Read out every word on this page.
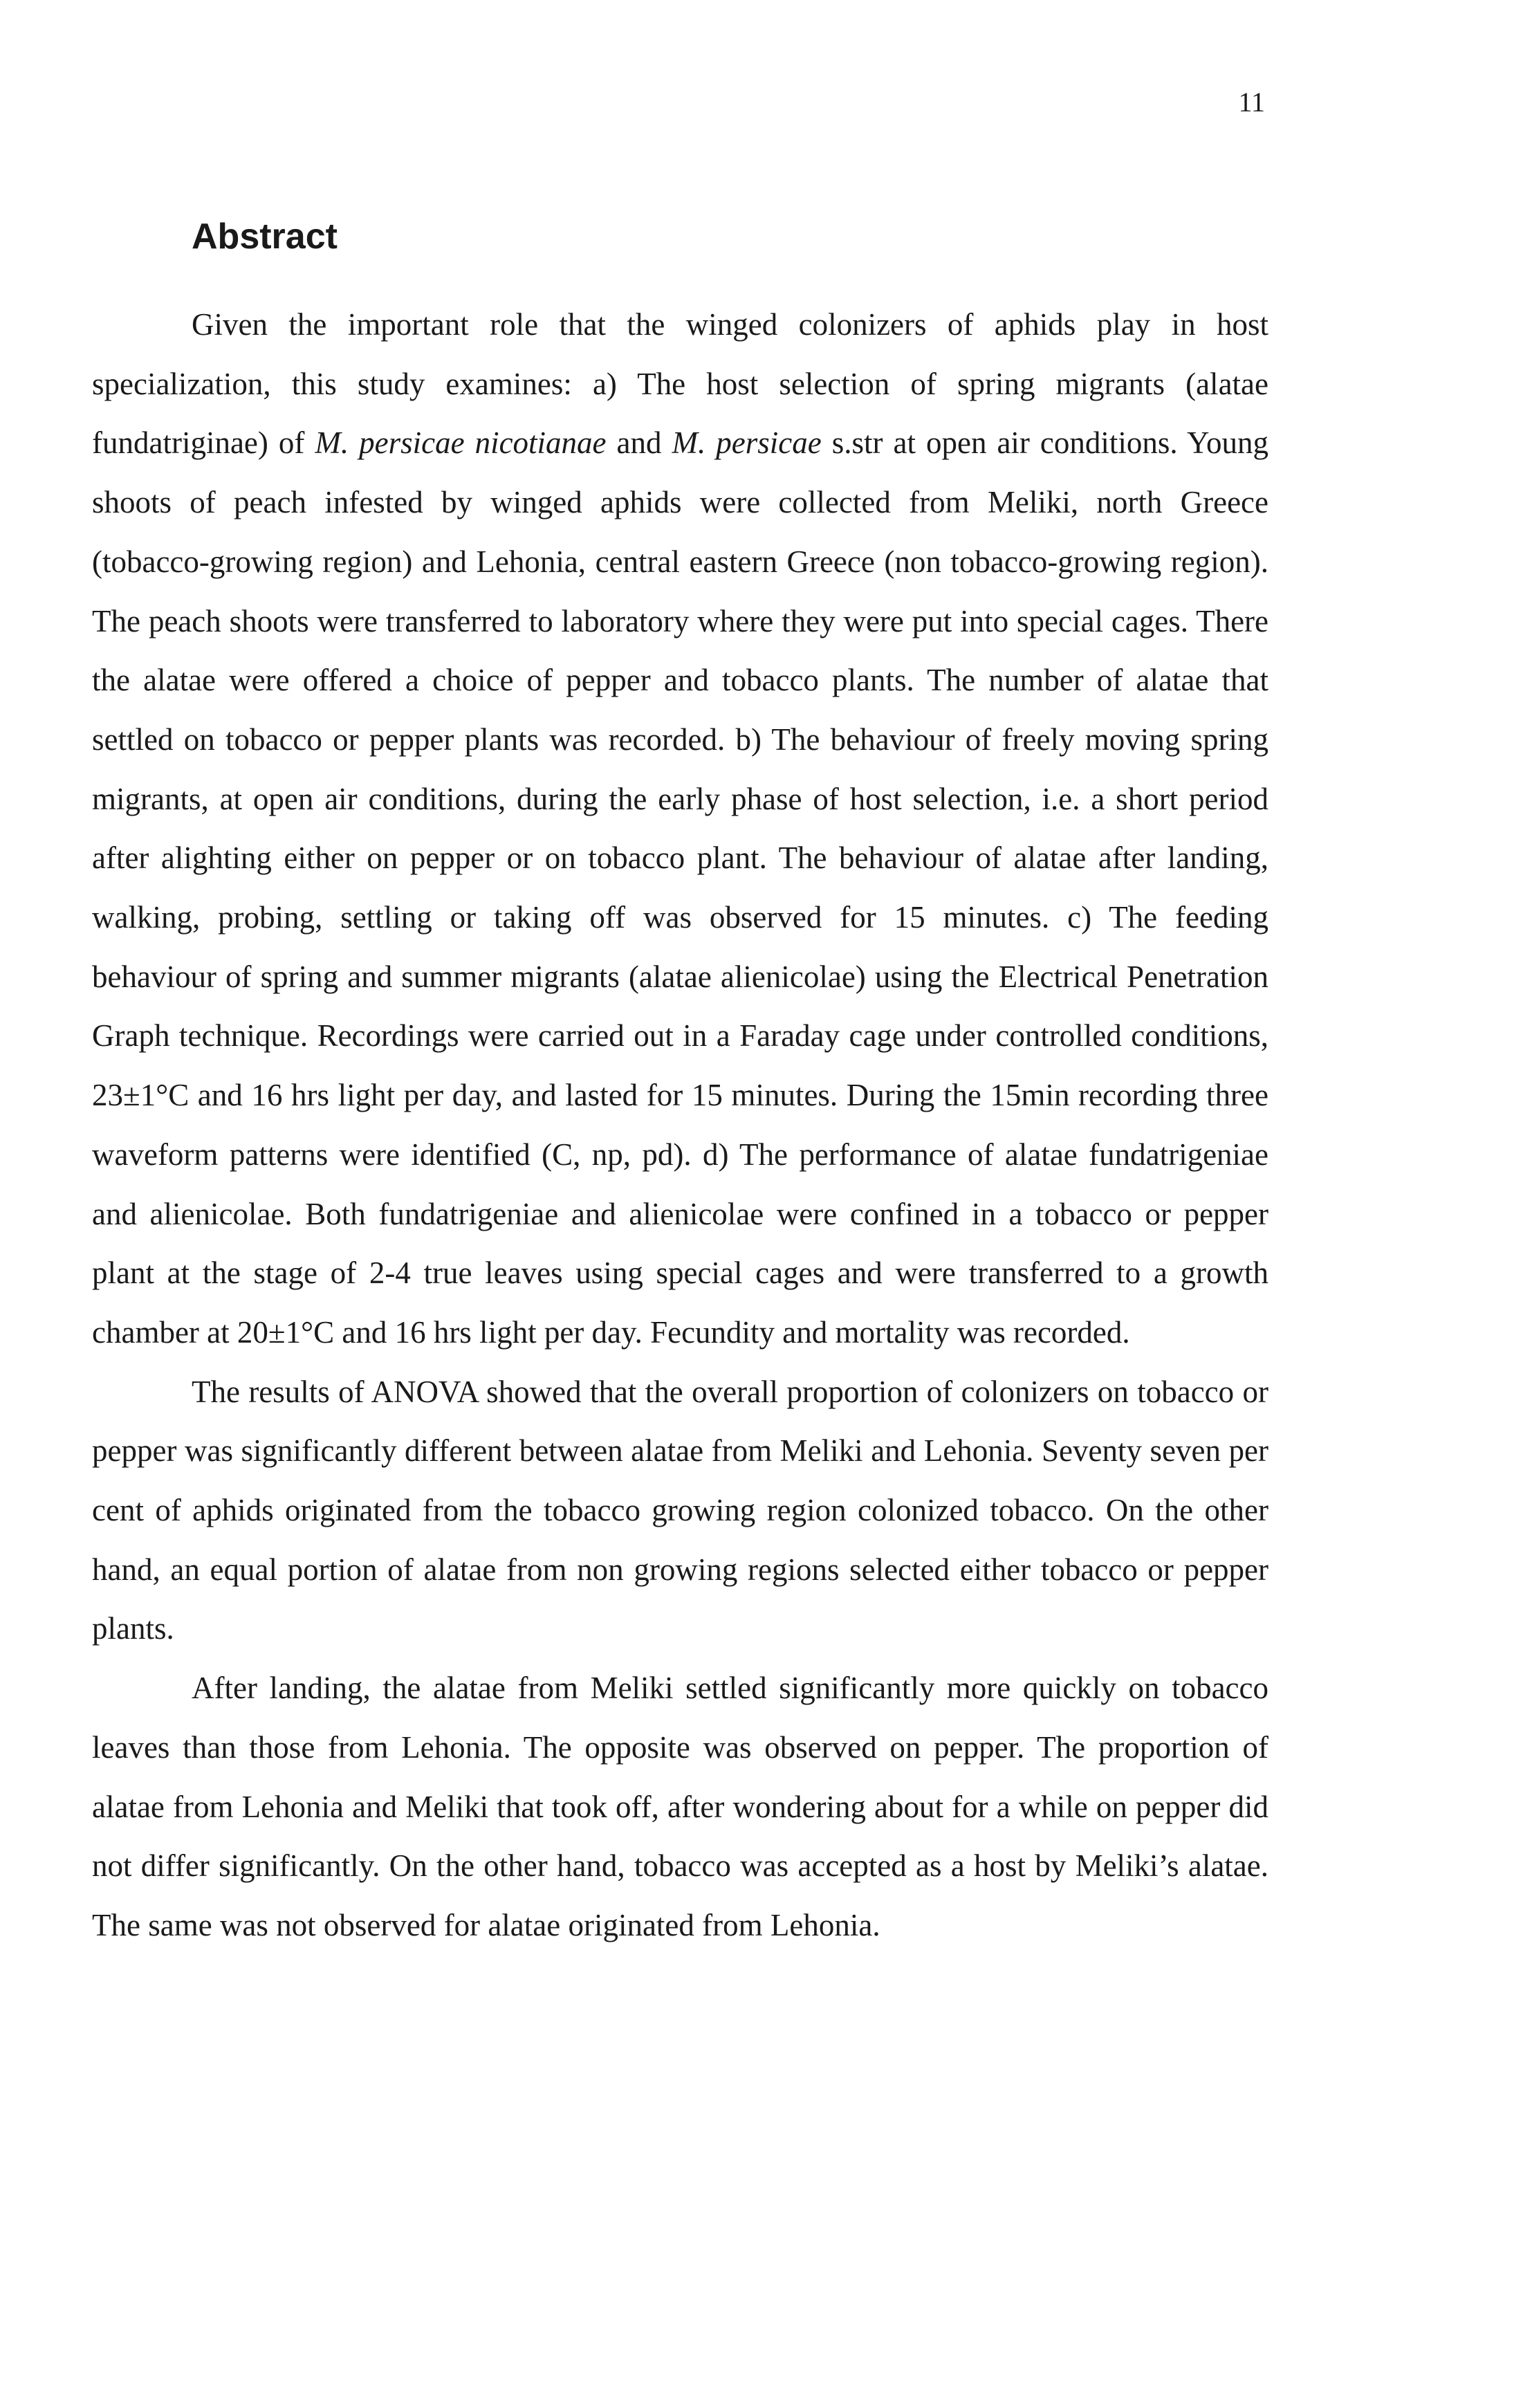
11
Abstract

Given the important role that the winged colonizers of aphids play in host specialization, this study examines: a) The host selection of spring migrants (alatae fundatriginae) of M. persicae nicotianae and M. persicae s.str at open air conditions. Young shoots of peach infested by winged aphids were collected from Meliki, north Greece (tobacco-growing region) and Lehonia, central eastern Greece (non tobacco-growing region). The peach shoots were transferred to laboratory where they were put into special cages. There the alatae were offered a choice of pepper and tobacco plants. The number of alatae that settled on tobacco or pepper plants was recorded. b) The behaviour of freely moving spring migrants, at open air conditions, during the early phase of host selection, i.e. a short period after alighting either on pepper or on tobacco plant. The behaviour of alatae after landing, walking, probing, settling or taking off was observed for 15 minutes. c) The feeding behaviour of spring and summer migrants (alatae alienicolae) using the Electrical Penetration Graph technique. Recordings were carried out in a Faraday cage under controlled conditions, 23±1°C and 16 hrs light per day, and lasted for 15 minutes. During the 15min recording three waveform patterns were identified (C, np, pd). d) The performance of alatae fundatrigeniae and alienicolae. Both fundatrigeniae and alienicolae were confined in a tobacco or pepper plant at the stage of 2-4 true leaves using special cages and were transferred to a growth chamber at 20±1°C and 16 hrs light per day. Fecundity and mortality was recorded.

The results of ANOVA showed that the overall proportion of colonizers on tobacco or pepper was significantly different between alatae from Meliki and Lehonia. Seventy seven per cent of aphids originated from the tobacco growing region colonized tobacco. On the other hand, an equal portion of alatae from non growing regions selected either tobacco or pepper plants.

After landing, the alatae from Meliki settled significantly more quickly on tobacco leaves than those from Lehonia. The opposite was observed on pepper. The proportion of alatae from Lehonia and Meliki that took off, after wondering about for a while on pepper did not differ significantly. On the other hand, tobacco was accepted as a host by Meliki’s alatae. The same was not observed for alatae originated from Lehonia.
